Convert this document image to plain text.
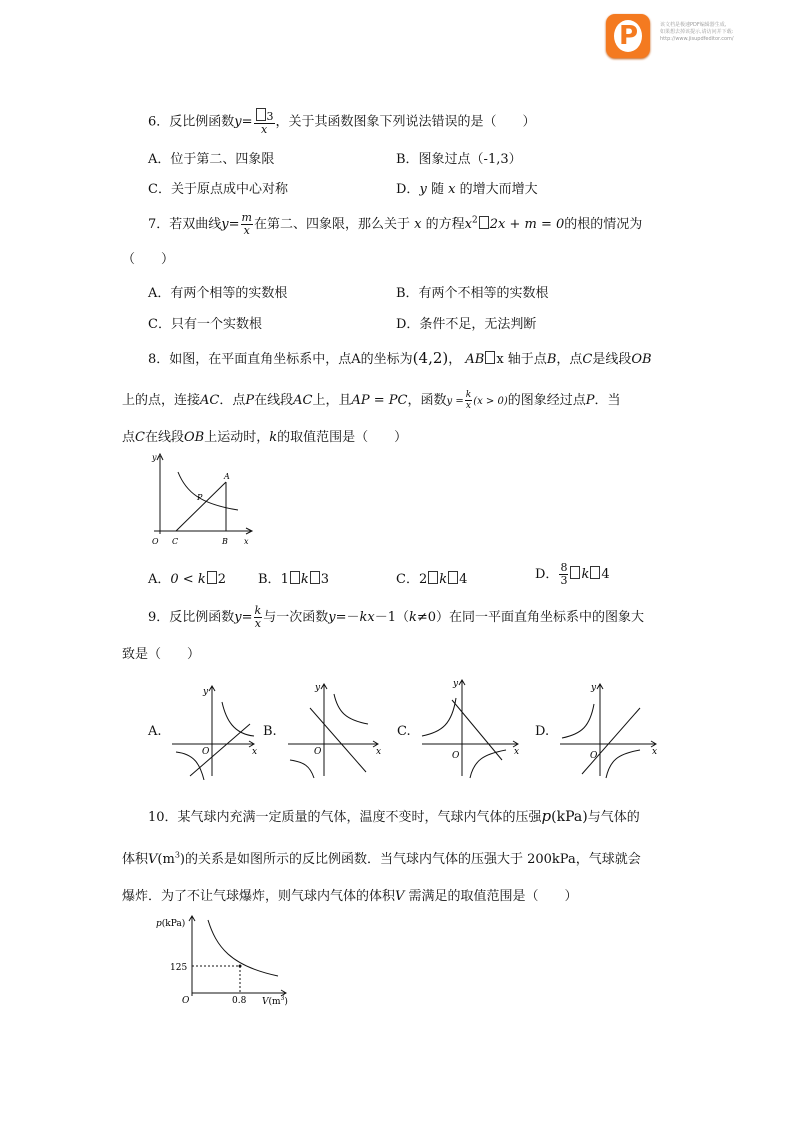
P	该文档是极速PDF编辑器生成,
如果想去掉该提示,请访问并下载:
http://www.jisupdfeditor.com/
6．反比例函数$y= \frac{3}{x}$ ，关于其函数图象下列说法错误的是（　　）
A．位于第二、四象限	B．图象过点（-1,3）
C．关于原点成中心对称	D．y 随 x 的增大而增大
7．若双曲线$y= \frac{m}{x}$ 在第二、四象限，那么关于 x 的方程$x^2$ 2x + m = 0的根的情况为
（　　）
A．有两个相等的实数根	B．有两个不相等的实数根
C．只有一个实数根	D．条件不足，无法判断
8．如图，在平面直角坐标系中，点A的坐标为(4,2)， AB x 轴于点B，点C是线段OB
上的点，连接AC．点P在线段AC上，且AP = PC，函数$y = \frac{k}{x} (x > 0)$的图象经过点P．当
点C在线段OB上运动时，k的取值范围是（　　）
y
x
O C	B
A
P
A．0 < k 2 B．1 k 3	C．2 k 4	D． $\frac{8}{3}$ k 4
9．反比例函数$y= \frac{k}{x}$ 与一次函数y=－kx－1（k≠0）在同一平面直角坐标系中的图象大
致是（　　）
A.
y
x
O
B.
y
x
O
C.
y
x
O
D.
y
x
O
10．某气球内充满一定质量的气体，温度不变时，气球内气体的压强p(kPa)与气体的
体积$V(m^3)$的关系是如图所示的反比例函数．当气球内气体的压强大于 200kPa，气球就会
爆炸．为了不让气球爆炸，则气球内气体的体积V 需满足的取值范围是（　　）
p(kPa)
125
0.8
O	$V(m^3)$
